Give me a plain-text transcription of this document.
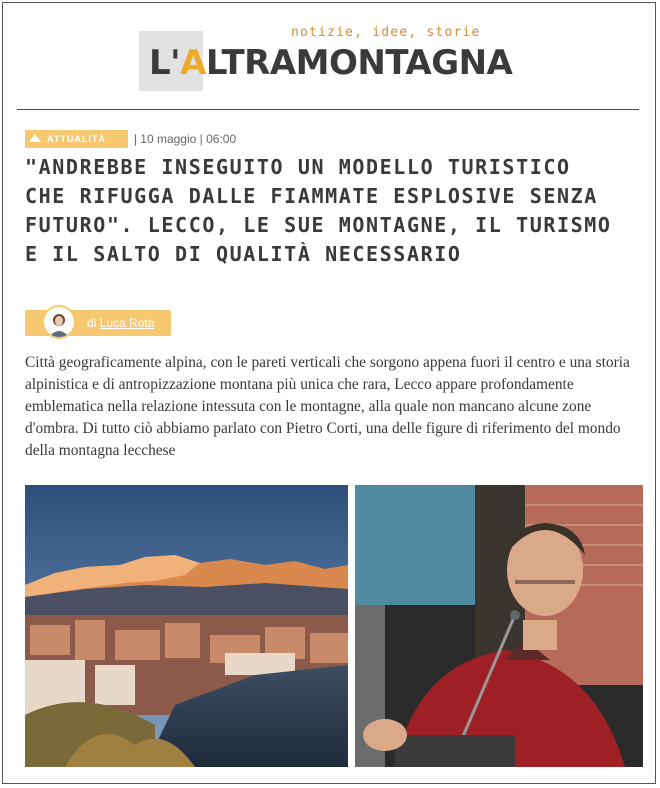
notizie, idee, storie
L'ALTRAMONTAGNA
ATTUALITÀ	| 10 maggio | 06:00
"ANDREBBE INSEGUITO UN MODELLO TURISTICO CHE RIFUGGA DALLE FIAMMATE ESPLOSIVE SENZA FUTURO". LECCO, LE SUE MONTAGNE, IL TURISMO E IL SALTO DI QUALITÀ NECESSARIO
di Luca Rota

Città geograficamente alpina, con le pareti verticali che sorgono appena fuori il centro e una storia alpinistica e di antropizzazione montana più unica che rara, Lecco appare profondamente emblematica nella relazione intessuta con le montagne, alla quale non mancano alcune zone d'ombra. Di tutto ciò abbiamo parlato con Pietro Corti, una delle figure di riferimento del mondo della montagna lecchese
